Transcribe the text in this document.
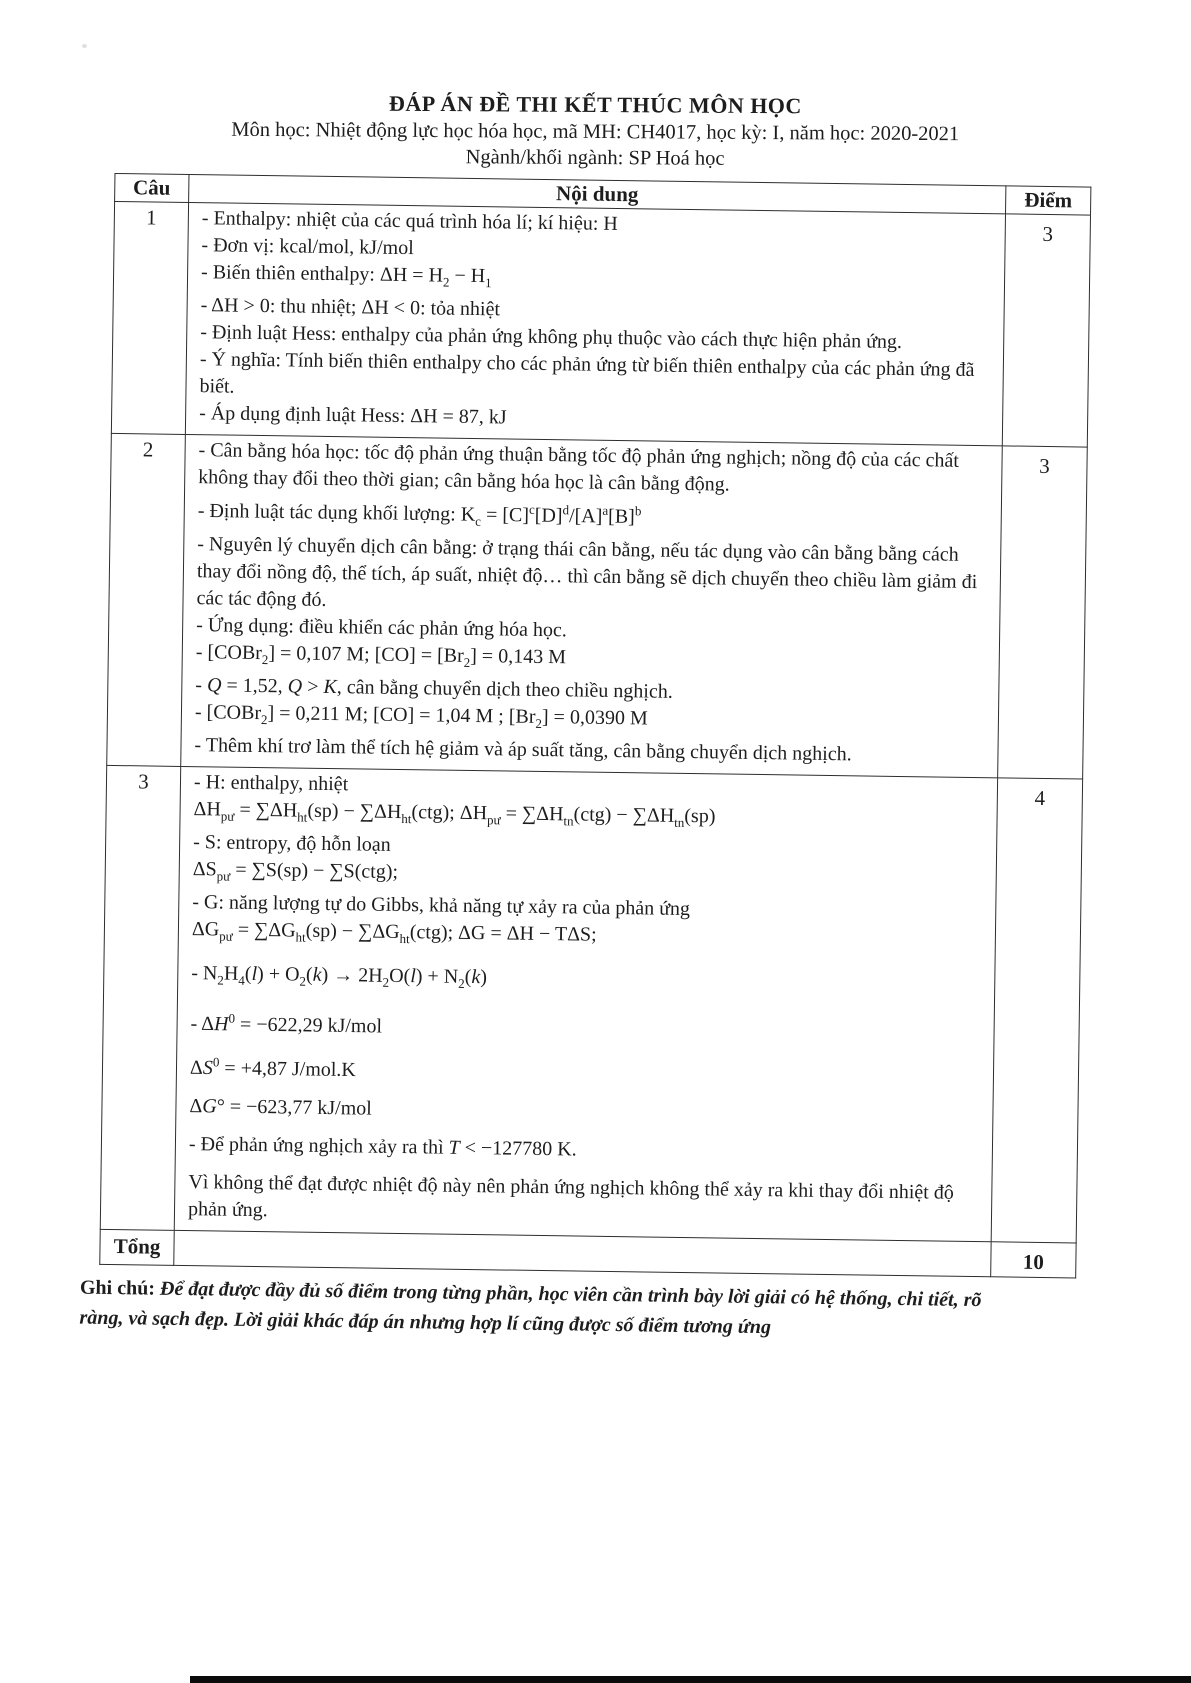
ĐÁP ÁN ĐỀ THI KẾT THÚC MÔN HỌC
Môn học: Nhiệt động lực học hóa học, mã MH: CH4017, học kỳ: I, năm học: 2020-2021
Ngành/khối ngành: SP Hoá học
Câu	Nội dung	Điểm
1	- Enthalpy: nhiệt của các quá trình hóa lí; kí hiệu: H
- Đơn vị: kcal/mol, kJ/mol
- Biến thiên enthalpy: $\Delta H = H_2 - H_1$
- ΔH > 0: thu nhiệt; ΔH < 0: tỏa nhiệt
- Định luật Hess: enthalpy của phản ứng không phụ thuộc vào cách thực hiện phản ứng.
- Ý nghĩa: Tính biến thiên enthalpy cho các phản ứng từ biến thiên enthalpy của các phản ứng đã biết.
- Áp dụng định luật Hess: ΔH = 87, kJ
	3
2	- Cân bằng hóa học: tốc độ phản ứng thuận bằng tốc độ phản ứng nghịch; nồng độ của các chất không thay đổi theo thời gian; cân bằng hóa học là cân bằng động.
- Định luật tác dụng khối lượng: $K_c = [C]^c[D]^d/[A]^a[B]^b$
- Nguyên lý chuyển dịch cân bằng: ở trạng thái cân bằng, nếu tác dụng vào cân bằng bằng cách thay đổi nồng độ, thể tích, áp suất, nhiệt độ… thì cân bằng sẽ dịch chuyển theo chiều làm giảm đi các tác động đó.
- Ứng dụng: điều khiển các phản ứng hóa học.
- [COBr$_2$] = 0,107 M; $[CO] = [Br_2] = 0,143$ M
- Q = 1,52, Q > K, cân bằng chuyển dịch theo chiều nghịch.
- [COBr$_2$] = 0,211 M; [CO] = 1,04 M ; $[Br_2] = 0,0390$ M
- Thêm khí trơ làm thể tích hệ giảm và áp suất tăng, cân bằng chuyển dịch nghịch.
	3
3	- H: enthalpy, nhiệt
$\Delta H_{pư} = \sum\Delta H_{ht}(sp) - \sum\Delta H_{ht}(ctg)$; $\Delta H_{pư} = \sum\Delta H_{tn}(ctg) - \sum\Delta H_{tn}(sp)$
- S: entropy, độ hỗn loạn
$\Delta S_{pư} = \sum S(sp) - \sum S(ctg)$;
- G: năng lượng tự do Gibbs, khả năng tự xảy ra của phản ứng
$\Delta G_{pư} = \sum\Delta G_{ht}(sp) - \sum\Delta G_{ht}(ctg)$; ΔG = ΔH − TΔS;
- $N_2H_4(l) + O_2(k) \to 2H_2O(l) + N_2(k)$
- $\Delta H^0 = -622,29$ kJ/mol
$\Delta S^0 = +4,87$ J/mol.K
ΔG° = −623,77 kJ/mol
- Để phản ứng nghịch xảy ra thì T < −127780 K.
Vì không thể đạt được nhiệt độ này nên phản ứng nghịch không thể xảy ra khi thay đổi nhiệt độ phản ứng.
	4
Tổng		10

Ghi chú: Để đạt được đầy đủ số điểm trong từng phần, học viên cần trình bày lời giải có hệ thống, chi tiết, rõ ràng, và sạch đẹp. Lời giải khác đáp án nhưng hợp lí cũng được số điểm tương ứng
